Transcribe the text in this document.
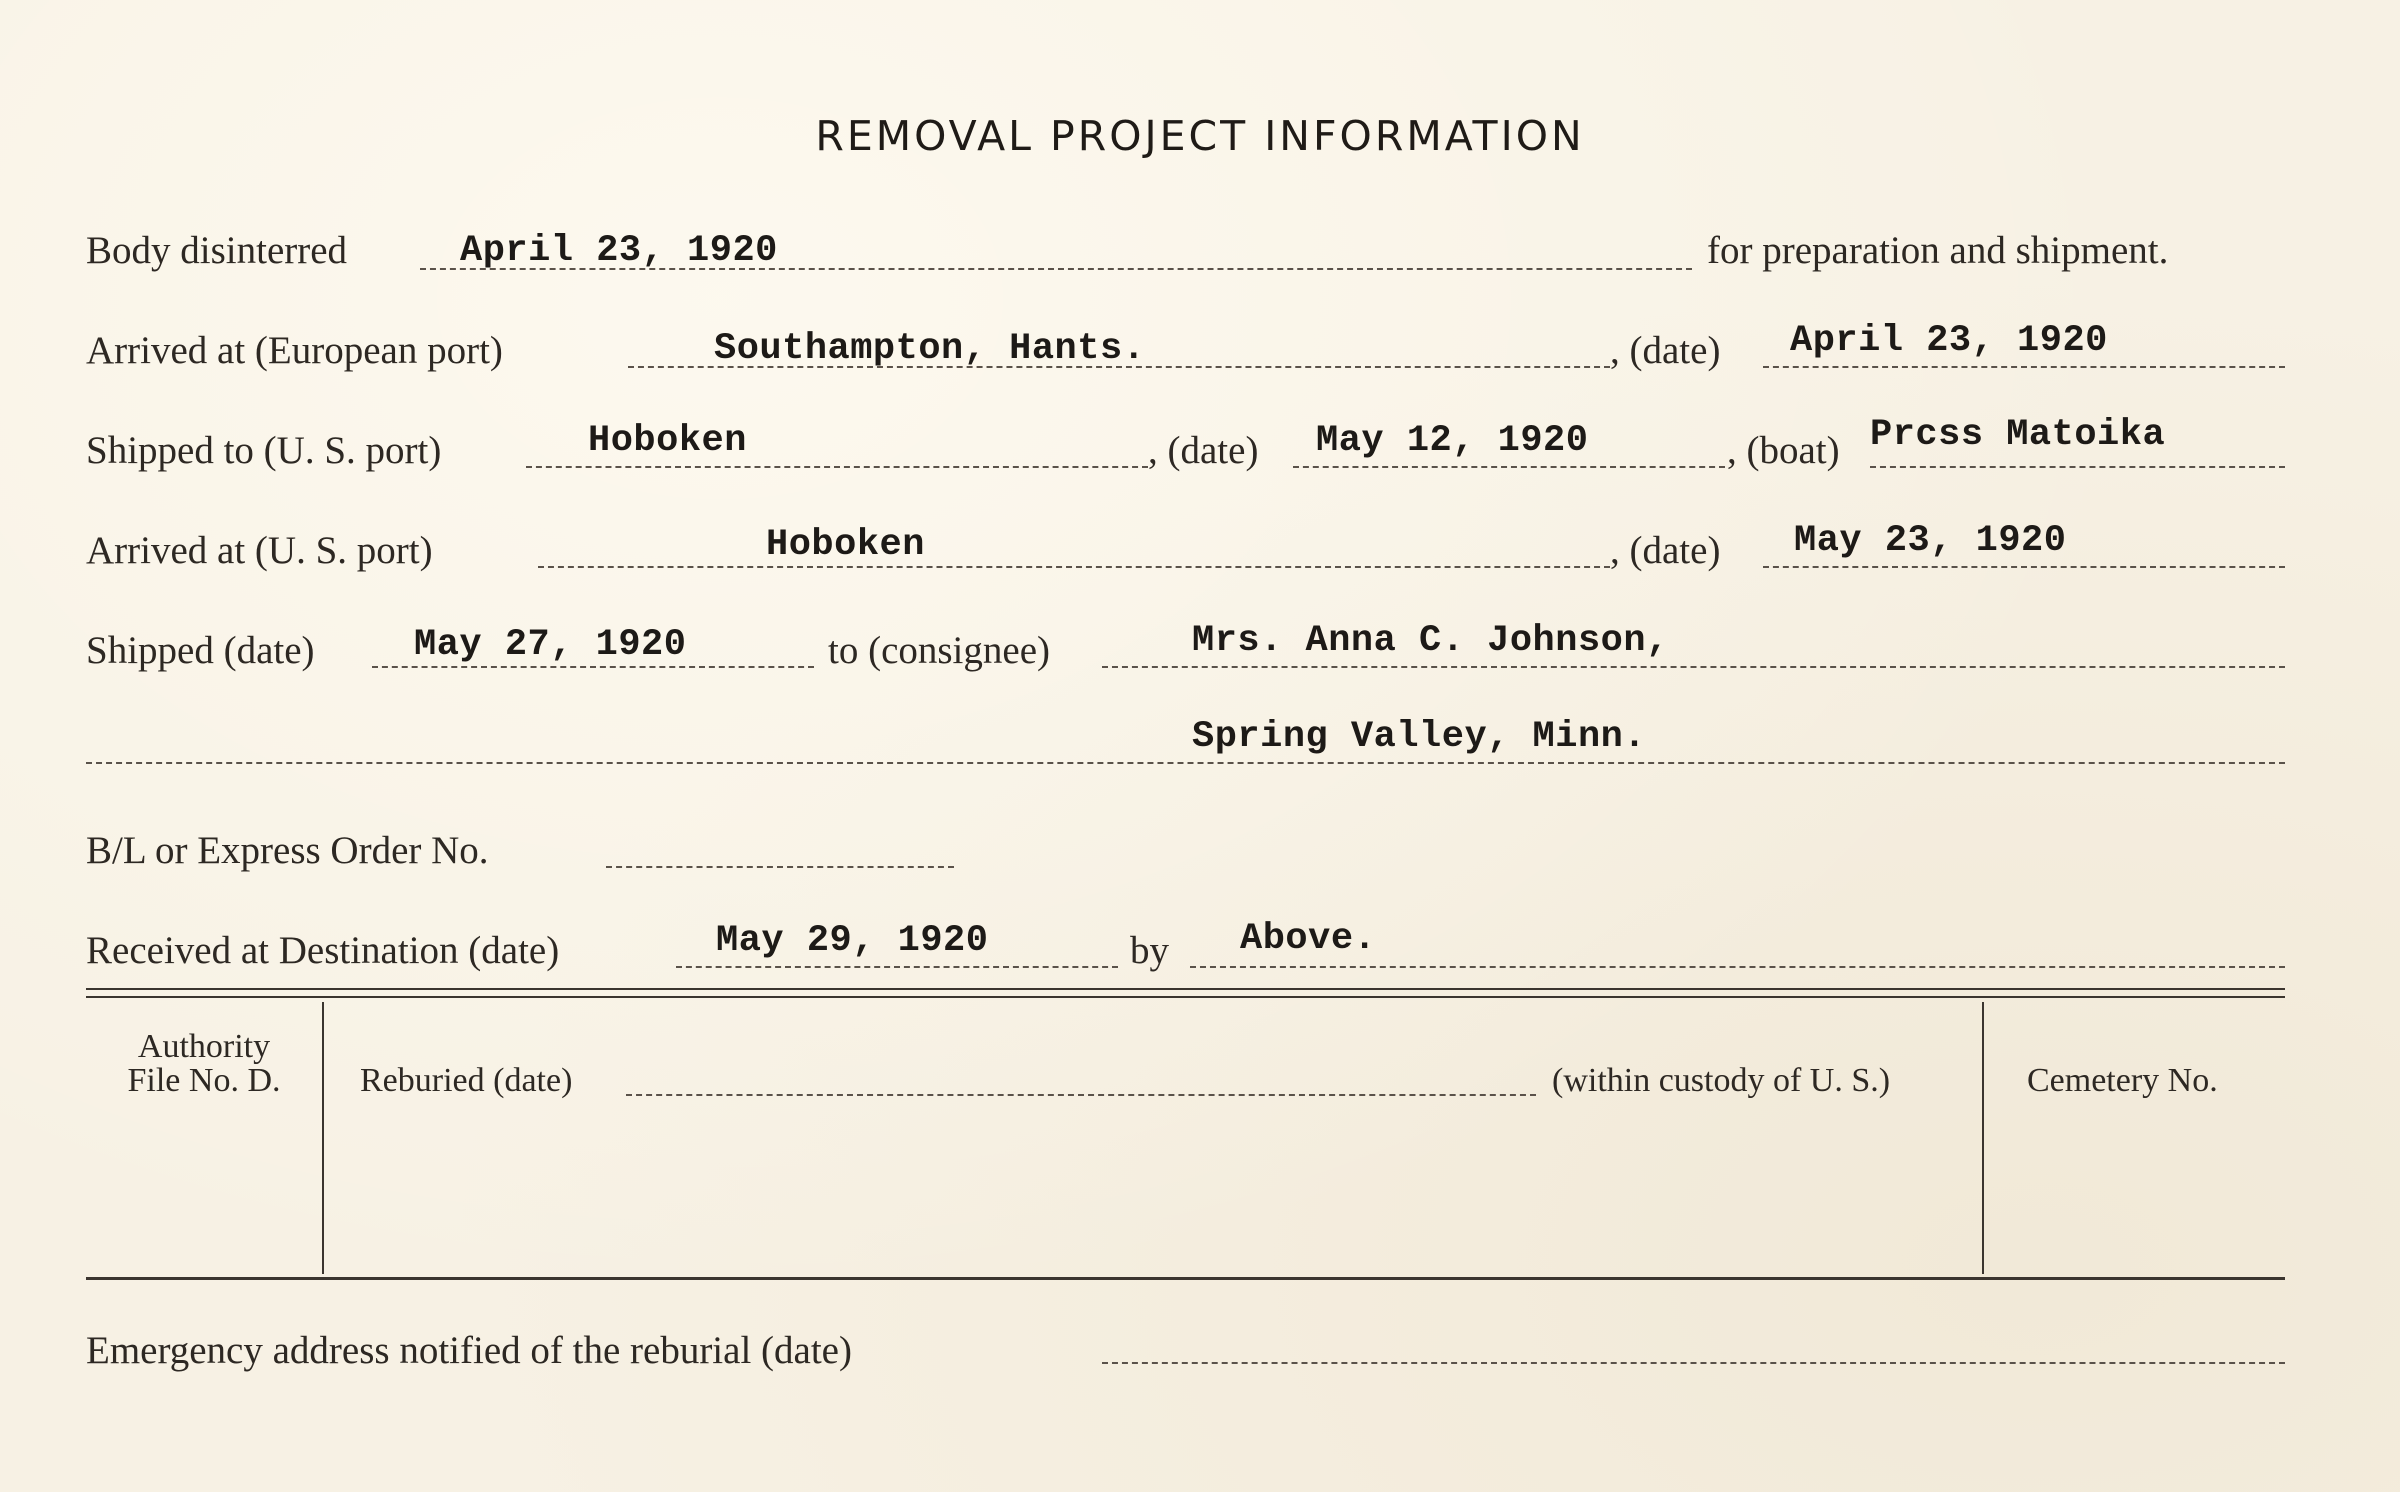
REMOVAL PROJECT INFORMATION
Body disinterred	April 23, 1920	for preparation and shipment.
Arrived at (European port)	Southampton, Hants.	, (date) April 23, 1920
Shipped to (U. S. port)	Hoboken	, (date) May 12, 1920	, (boat) Prcss Matoika
Arrived at (U. S. port)	Hoboken	, (date) May 23, 1920
Shipped (date)	May 27, 1920	to (consignee)	Mrs. Anna C. Johnson,
Spring Valley, Minn.
B/L or Express Order No.
Received at Destination (date)	May 29, 1920	by Above.
Authority
File No. D.	Reburied (date)	(within custody of U. S.)	Cemetery No.
Emergency address notified of the reburial (date)
